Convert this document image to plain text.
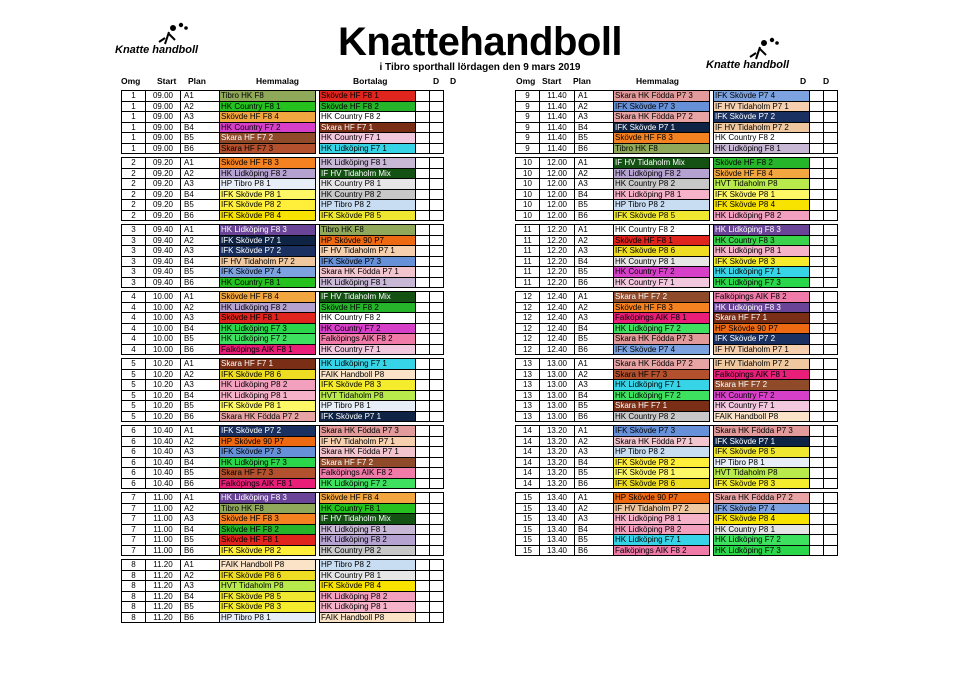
Knatte handboll
Knatte handboll
Knattehandboll
i Tibro sporthall lördagen den 9 mars 2019
Omg Start Plan	Hemmalag	Bortalag	D D	Omg Start Plan	Hemmalag	D D
1	09.00	A1	Tibro HK F8		Skövde HF F8 1		
1	09.00	A2	HK Country F8 1		Skövde HF F8 2		
1	09.00	A3	Skövde HF F8 4		HK Country F8 2		
1	09.00	B4	HK Country F7 2		Skara HF F7 1		
1	09.00	B5	Skara HF F7 2		HK Country F7 1		
1	09.00	B6	Skara HF F7 3		HK Lidköping F7 1		

2	09.20	A1	Skövde HF F8 3		HK Lidköping F8 1		
2	09.20	A2	HK Lidköping F8 2		IF HV Tidaholm Mix		
2	09.20	A3	HP Tibro P8 1		HK Country P8 1		
2	09.20	B4	IFK Skövde P8 1		HK Country P8 2		
2	09.20	B5	IFK Skövde P8 2		HP Tibro P8 2		
2	09.20	B6	IFK Skövde P8 4		IFK Skövde P8 5		

3	09.40	A1	HK Lidköping F8 3		Tibro HK F8		
3	09.40	A2	IFK Skövde P7 1		HP Skövde 90 P7		
3	09.40	A3	IFK Skövde P7 2		IF HV Tidaholm P7 1		
3	09.40	B4	IF HV Tidaholm P7 2		IFK Skövde P7 3		
3	09.40	B5	IFK Skövde P7 4		Skara HK Födda P7 1		
3	09.40	B6	HK Country F8 1		HK Lidköping F8 1		

4	10.00	A1	Skövde HF F8 4		IF HV Tidaholm Mix		
4	10.00	A2	HK Lidköping F8 2		Skövde HF F8 2		
4	10.00	A3	Skövde HF F8 1		HK Country F8 2		
4	10.00	B4	HK Lidköping F7 3		HK Country F7 2		
4	10.00	B5	HK Lidköping F7 2		Falköpings AIK F8 2		
4	10.00	B6	Falköpings AIK F8 1		HK Country F7 1		

5	10.20	A1	Skara HF F7 1		HK Lidköping F7 1		
5	10.20	A2	IFK Skövde P8 6		FAIK Handboll P8		
5	10.20	A3	HK Lidköping P8 2		IFK Skövde P8 3		
5	10.20	B4	HK Lidköping P8 1		HVT Tidaholm P8		
5	10.20	B5	IFK Skövde P8 1		HP Tibro P8 1		
5	10.20	B6	Skara HK Födda P7 2		IFK Skövde P7 1		

6	10.40	A1	IFK Skövde P7 2		Skara HK Födda P7 3		
6	10.40	A2	HP Skövde 90 P7		IF HV Tidaholm P7 1		
6	10.40	A3	IFK Skövde P7 3		Skara HK Födda P7 1		
6	10.40	B4	HK Lidköping F7 3		Skara HF F7 2		
6	10.40	B5	Skara HF F7 3		Falköpings AIK F8 2		
6	10.40	B6	Falköpings AIK F8 1		HK Lidköping F7 2		

7	11.00	A1	HK Lidköping F8 3		Skövde HF F8 4		
7	11.00	A2	Tibro HK F8		HK Country F8 1		
7	11.00	A3	Skövde HF F8 3		IF HV Tidaholm Mix		
7	11.00	B4	Skövde HF F8 2		HK Lidköping F8 1		
7	11.00	B5	Skövde HF F8 1		HK Lidköping F8 2		
7	11.00	B6	IFK Skövde P8 2		HK Country P8 2		

8	11.20	A1	FAIK Handboll P8		HP Tibro P8 2		
8	11.20	A2	IFK Skövde P8 6		HK Country P8 1		
8	11.20	A3	HVT Tidaholm P8		IFK Skövde P8 4		
8	11.20	B4	IFK Skövde P8 5		HK Lidköping P8 2		
8	11.20	B5	IFK Skövde P8 3		HK Lidköping P8 1		
8	11.20	B6	HP Tibro P8 1		FAIK Handboll P8		
9	11.40	A1	Skara HK Födda P7 3		IFK Skövde P7 4		
9	11.40	A2	IFK Skövde P7 3		IF HV Tidaholm P7 1		
9	11.40	A3	Skara HK Födda P7 2		IFK Skövde P7 2		
9	11.40	B4	IFK Skövde P7 1		IF HV Tidaholm P7 2		
9	11.40	B5	Skövde HF F8 3		HK Country F8 2		
9	11.40	B6	Tibro HK F8		HK Lidköping F8 1		

10	12.00	A1	IF HV Tidaholm Mix		Skövde HF F8 2		
10	12.00	A2	HK Lidköping F8 2		Skövde HF F8 4		
10	12.00	A3	HK Country P8 2		HVT Tidaholm P8		
10	12.00	B4	HK Lidköping P8 1		IFK Skövde P8 1		
10	12.00	B5	HP Tibro P8 2		IFK Skövde P8 4		
10	12.00	B6	IFK Skövde P8 5		HK Lidköping P8 2		

11	12.20	A1	HK Country F8 2		HK Lidköping F8 3		
11	12.20	A2	Skövde HF F8 1		HK Country F8 3		
11	12.20	A3	IFK Skövde P8 6		HK Lidköping P8 1		
11	12.20	B4	HK Country P8 1		IFK Skövde P8 3		
11	12.20	B5	HK Country F7 2		HK Lidköping F7 1		
11	12.20	B6	HK Country F7 1		HK Lidköping F7 3		

12	12.40	A1	Skara HF F7 2		Falköpings AIK F8 2		
12	12.40	A2	Skövde HF F8 3		HK Lidköping F8 3		
12	12.40	A3	Falköpings AIK F8 1		Skara HF F7 1		
12	12.40	B4	HK Lidköping F7 2		HP Skövde 90 P7		
12	12.40	B5	Skara HK Födda P7 3		IFK Skövde P7 2		
12	12.40	B6	IFK Skövde P7 4		IF HV Tidaholm P7 1		

13	13.00	A1	Skara HK Födda P7 2		IF HV Tidaholm P7 2		
13	13.00	A2	Skara HF F7 3		Falköpings AIK F8 1		
13	13.00	A3	HK Lidköping F7 1		Skara HF F7 2		
13	13.00	B4	HK Lidköping F7 2		HK Country F7 2		
13	13.00	B5	Skara HF F7 1		HK Country F7 1		
13	13.00	B6	HK Country P8 2		FAIK Handboll P8		

14	13.20	A1	IFK Skövde P7 3		Skara HK Födda P7 3		
14	13.20	A2	Skara HK Födda P7 1		IFK Skövde P7 1		
14	13.20	A3	HP Tibro P8 2		IFK Skövde P8 5		
14	13.20	B4	IFK Skövde P8 2		HP Tibro P8 1		
14	13.20	B5	IFK Skövde P8 1		HVT Tidaholm P8		
14	13.20	B6	IFK Skövde P8 6		IFK Skövde P8 3		

15	13.40	A1	HP Skövde 90 P7		Skara HK Födda P7 2		
15	13.40	A2	IF HV Tidaholm P7 2		IFK Skövde P7 4		
15	13.40	A3	HK Lidköping P8 1		IFK Skövde P8 4		
15	13.40	B4	HK Lidköping P8 2		HK Country P8 1		
15	13.40	B5	HK Lidköping F7 1		HK Lidköping F7 2		
15	13.40	B6	Falköpings AIK F8 2		HK Lidköping F7 3		
